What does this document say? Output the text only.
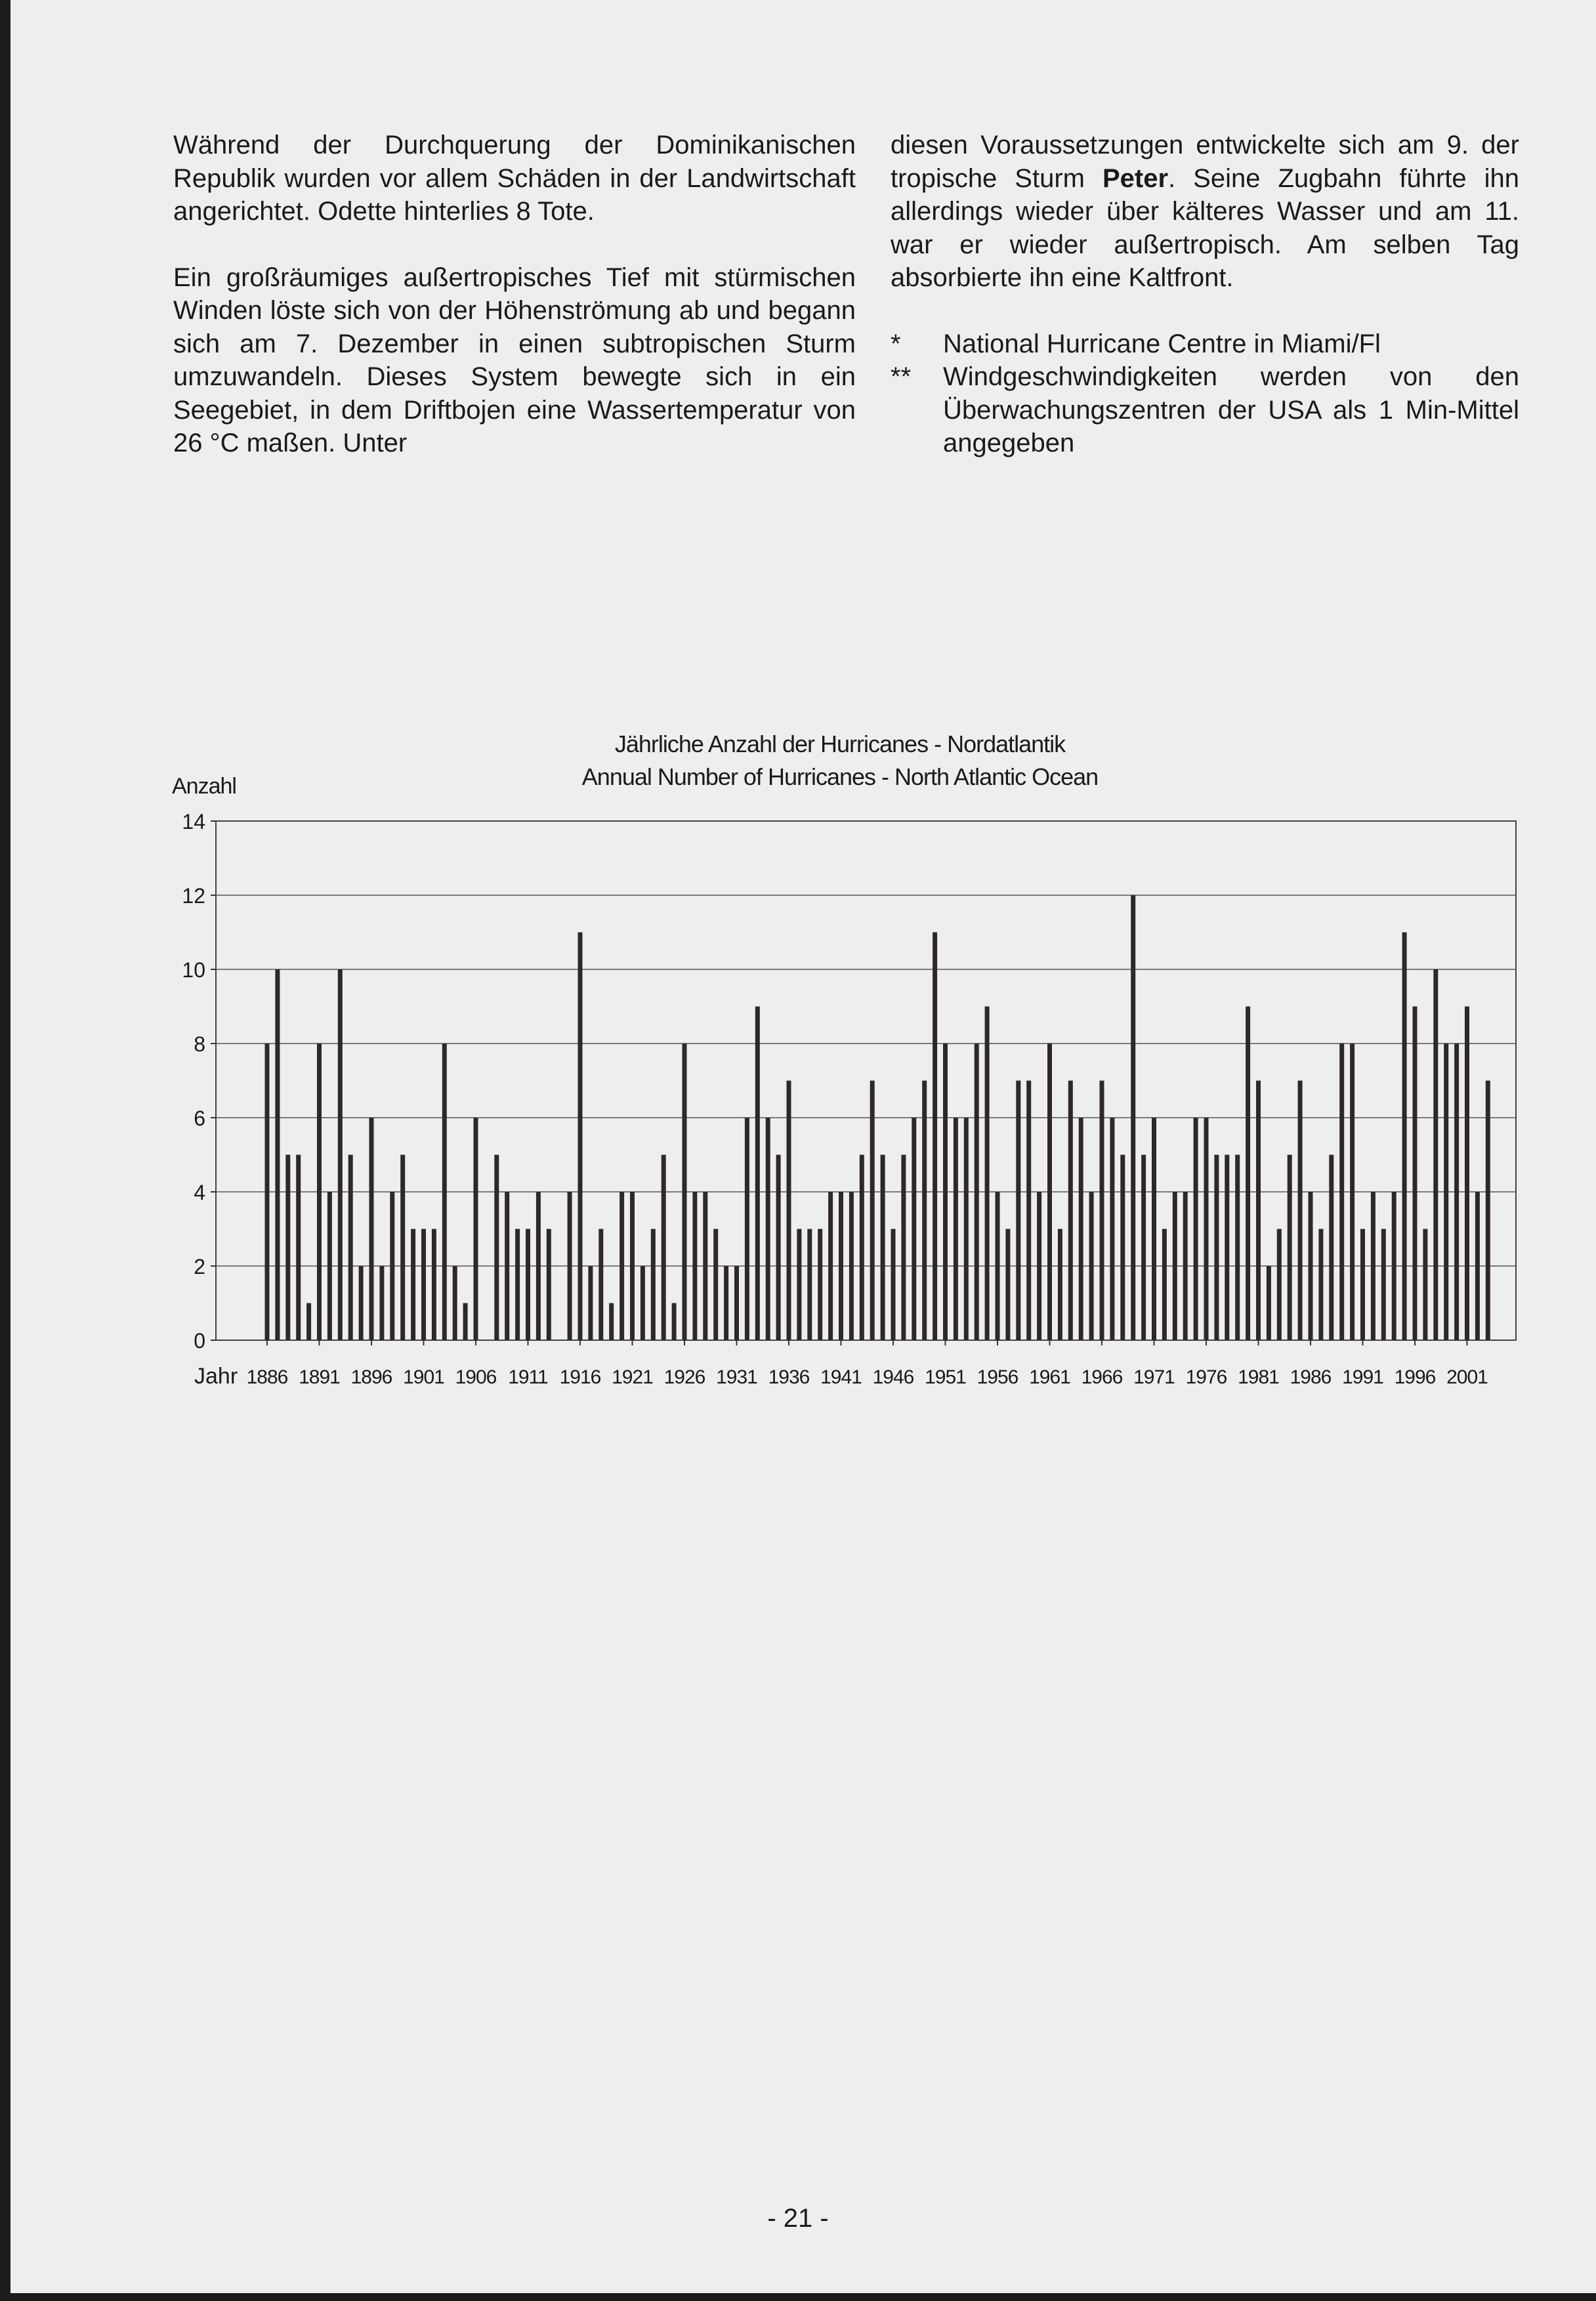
Während der Durchquerung der Dominikanischen Republik wurden vor allem Schäden in der Landwirtschaft angerichtet. Odette hinterlies 8 Tote.

Ein großräumiges außertropisches Tief mit stürmischen Winden löste sich von der Höhenströmung ab und begann sich am 7. Dezember in einen subtropischen Sturm umzuwandeln. Dieses System bewegte sich in ein Seegebiet, in dem Driftbojen eine Wassertemperatur von 26 °C maßen. Unter

diesen Voraussetzungen entwickelte sich am 9. der tropische Sturm Peter. Seine Zugbahn führte ihn allerdings wieder über kälteres Wasser und am 11. war er wieder außertropisch. Am selben Tag absorbierte ihn eine Kaltfront.

*	National Hurricane Centre in Miami/Fl
**	Windgeschwindigkeiten werden von den Überwachungszentren der USA als 1 Min-Mittel angegeben
Jährliche Anzahl der Hurricanes - Nordatlantik
Annual Number of Hurricanes - North Atlantic Ocean
0
2
4
6
8
10
12
14
Anzahl
Jahr 1886 1891 1896 1901 1906 1911 1916 1921 1926 1931 1936 1941 1946 1951 1956 1961 1966 1971 1976 1981 1986 1991 1996 2001
- 21 -
